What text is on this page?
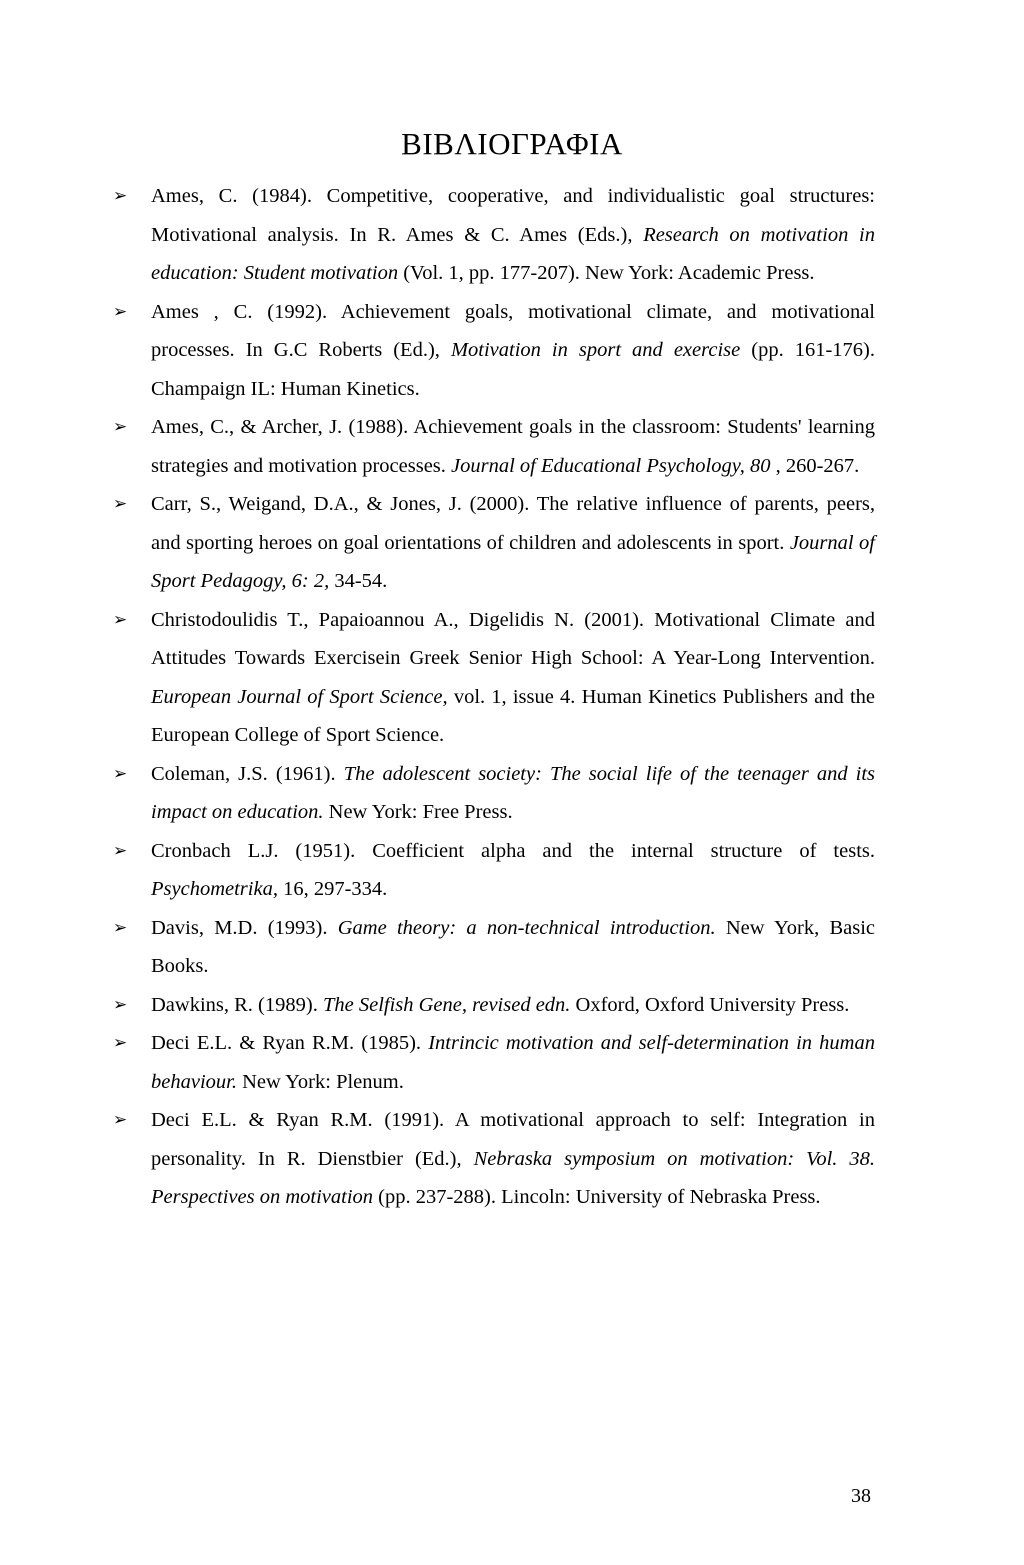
ΒΙΒΛΙΟΓΡΑΦΙΑ
➢ Ames, C. (1984). Competitive, cooperative, and individualistic goal structures: Motivational analysis. In R. Ames & C. Ames (Eds.), Research on motivation in education: Student motivation (Vol. 1, pp. 177-207). New York: Academic Press.
➢ Ames , C. (1992). Achievement goals, motivational climate, and motivational processes. In G.C Roberts (Ed.), Motivation in sport and exercise (pp. 161-176). Champaign IL: Human Kinetics.
➢ Ames, C., & Archer, J. (1988). Achievement goals in the classroom: Students' learning strategies and motivation processes. Journal of Educational Psychology, 80 , 260-267.
➢ Carr, S., Weigand, D.A., & Jones, J. (2000). The relative influence of parents, peers, and sporting heroes on goal orientations of children and adolescents in sport. Journal of Sport Pedagogy, 6: 2, 34-54.
➢ Christodoulidis T., Papaioannou A., Digelidis N. (2001). Motivational Climate and Attitudes Towards Exercisein Greek Senior High School: A Year-Long Intervention. European Journal of Sport Science, vol. 1, issue 4. Human Kinetics Publishers and the European College of Sport Science.
➢ Coleman, J.S. (1961). The adolescent society: The social life of the teenager and its impact on education. New York: Free Press.
➢ Cronbach L.J. (1951). Coefficient alpha and the internal structure of tests. Psychometrika, 16, 297-334.
➢ Davis, M.D. (1993). Game theory: a non-technical introduction. New York, Basic Books.
➢ Dawkins, R. (1989). The Selfish Gene, revised edn. Oxford, Oxford University Press.
➢ Deci E.L. & Ryan R.M. (1985). Intrincic motivation and self-determination in human behaviour. New York: Plenum.
➢ Deci E.L. & Ryan R.M. (1991). A motivational approach to self: Integration in personality. In R. Dienstbier (Ed.), Nebraska symposium on motivation: Vol. 38. Perspectives on motivation (pp. 237-288). Lincoln: University of Nebraska Press.
38
